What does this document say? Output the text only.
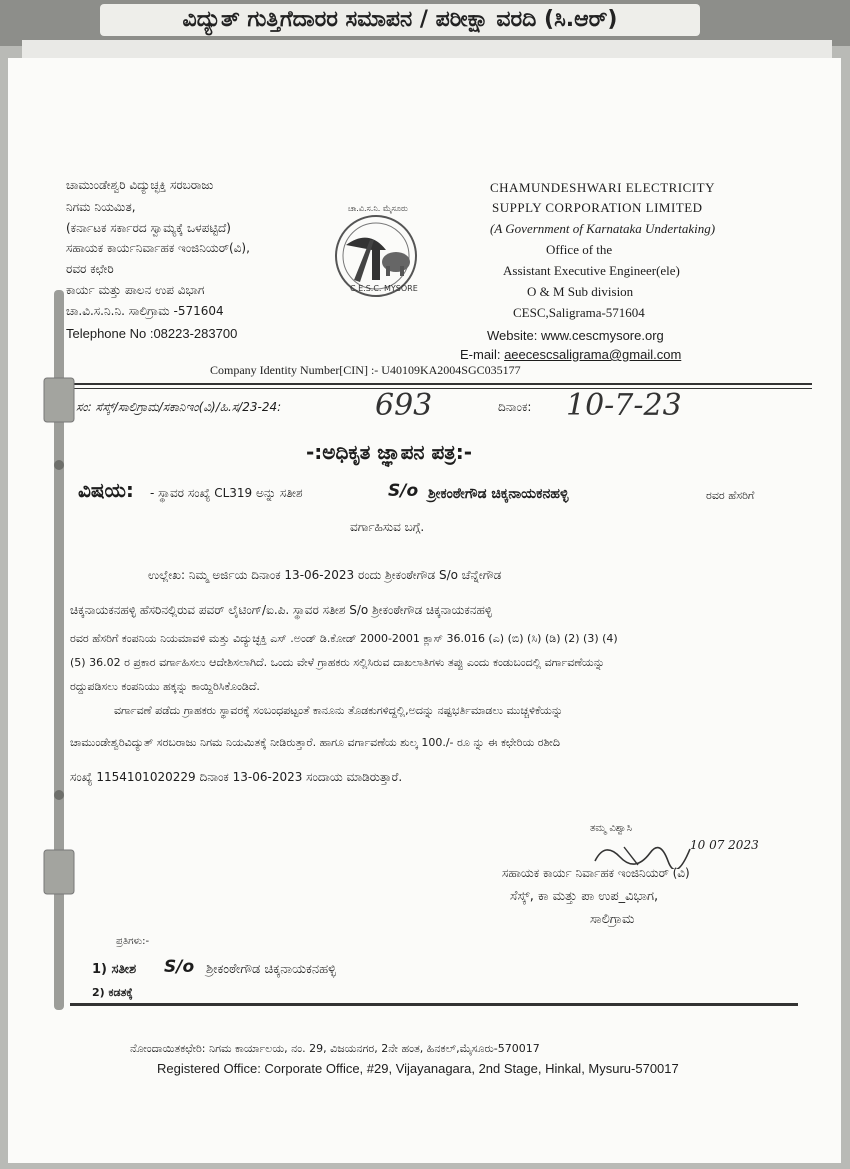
ವಿದ್ಯುತ್ ಗುತ್ತಿಗೆದಾರರ ಸಮಾಪನ / ಪರೀಕ್ಷಾ ವರದಿ (ಸಿ.ಆರ್)
ಚಾಮುಂಡೇಶ್ವರಿ ವಿದ್ಯುಚ್ಛಕ್ತಿ ಸರಬರಾಜು
ನಿಗಮ ನಿಯಮಿತ,
(ಕರ್ನಾಟಕ ಸರ್ಕಾರದ ಸ್ವಾಮ್ಯಕ್ಕೆ ಒಳಪಟ್ಟಿದೆ)
ಸಹಾಯಕ ಕಾರ್ಯನಿರ್ವಾಹಕ ಇಂಜಿನಿಯರ್(ವಿ),
ರವರ ಕಛೇರಿ
ಕಾರ್ಯ ಮತ್ತು ಪಾಲನ ಉಪ ವಿಭಾಗ
ಚಾ.ವಿ.ಸ.ನಿ.ನಿ. ಸಾಲಿಗ್ರಾಮ -571604
Telephone No :08223-283700
ಚಾ.ವಿ.ಸ.ನಿ. ಮೈಸೂರು
C.E.S.C. MYSORE
CHAMUNDESHWARI ELECTRICITY
SUPPLY CORPORATION LIMITED
(A Government of Karnataka Undertaking)
Office of the
Assistant Executive Engineer(ele)
O & M Sub division
CESC,Saligrama-571604
Website: www.cescmysore.org
E-mail: aeecescsaligrama@gmail.com
Company Identity Number[CIN] :- U40109KA2004SGC035177
ಸಂ: ಸೆಸ್ಕ್/ಸಾಲಿಗ್ರಾಮ/ಸಕಾನಿಇಂ(ವಿ)/ಹಿ.ಸ/23-24:	693	ದಿನಾಂಕ: 10-7-23
-:ಅಧಿಕೃತ ಜ್ಞಾಪನ ಪತ್ರ:-
ವಿಷಯ: - ಸ್ಥಾವರ ಸಂಖ್ಯೆ CL319 ಅನ್ನು ಸತೀಶ	S/o ಶ್ರೀಕಂಠೇಗೌಡ ಚಿಕ್ಕನಾಯಕನಹಳ್ಳಿ	ರವರ ಹೆಸರಿಗೆ
ವರ್ಗಾಹಿಸುವ ಬಗ್ಗೆ.
ಉಲ್ಲೇಖ: ನಿಮ್ಮ ಅರ್ಜಿಯ ದಿನಾಂಕ 13-06-2023 ರಂದು ಶ್ರೀಕಂಠೇಗೌಡ S/o ಚೆನ್ನೇಗೌಡ
ಚಿಕ್ಕನಾಯಕನಹಳ್ಳಿ ಹೆಸರಿನಲ್ಲಿರುವ ಪವರ್ ಲೈಟಿಂಗ್/ಐ.ಪಿ. ಸ್ಥಾವರ ಸತೀಶ S/o ಶ್ರೀಕಂಠೇಗೌಡ ಚಿಕ್ಕನಾಯಕನಹಳ್ಳಿ
ರವರ ಹೆಸರಿಗೆ ಕಂಪನಿಯ ನಿಯಮಾವಳಿ ಮತ್ತು ವಿದ್ಯುಚ್ಛಕ್ತಿ ಎಸ್ .ಅಂಡ್ ಡಿ.ಕೋಡ್ 2000-2001 ಕ್ಲಾಸ್ 36.016 (ಎ) (ಬಿ) (ಸಿ) (ಡಿ) (2) (3) (4)
(5) 36.02 ರ ಪ್ರಕಾರ ವರ್ಗಾಹಿಸಲು ಆದೇಶಿಸಲಾಗಿದೆ. ಒಂದು ವೇಳೆ ಗ್ರಾಹಕರು ಸಲ್ಲಿಸಿರುವ ದಾಖಲಾತಿಗಳು ತಪ್ಪು ಎಂದು ಕಂಡುಬಂದಲ್ಲಿ ವರ್ಗಾವಣೆಯನ್ನು
ರದ್ದುಪಡಿಸಲು ಕಂಪನಿಯು ಹಕ್ಕನ್ನು ಕಾಯ್ದಿರಿಸಿಕೊಂಡಿದೆ.
ವರ್ಗಾವಣೆ ಪಡೆದು ಗ್ರಾಹಕರು ಸ್ಥಾವರಕ್ಕೆ ಸಂಬಂಧಪಟ್ಟಂತೆ ಕಾನೂನು ತೊಡಕುಗಳಿದ್ದಲ್ಲಿ,ಅದನ್ನು ನಷ್ಟಭರ್ತಿಮಾಡಲು ಮುಚ್ಚಳಿಕೆಯನ್ನು
ಚಾಮುಂಡೇಶ್ವರಿವಿದ್ಯುತ್ ಸರಬರಾಜು ನಿಗಮ ನಿಯಮಿತಕ್ಕೆ ನೀಡಿರುತ್ತಾರೆ. ಹಾಗೂ ವರ್ಗಾವಣೆಯ ಶುಲ್ಕ 100./- ರೂ ನ್ನು ಈ ಕಛೇರಿಯ ರಶೀದಿ
ಸಂಖ್ಯೆ 1154101020229 ದಿನಾಂಕ 13-06-2023 ಸಂದಾಯ ಮಾಡಿರುತ್ತಾರೆ.
ತಮ್ಮ ವಿಶ್ವಾಸಿ
10 07 2023
ಸಹಾಯಕ ಕಾರ್ಯ ನಿರ್ವಾಹಕ ಇಂಜಿನಿಯರ್ (ವಿ)
ಸೆಸ್ಕ್, ಕಾ ಮತ್ತು ಪಾ ಉಪ_ವಿಭಾಗ,
ಸಾಲಿಗ್ರಾಮ
ಪ್ರತಿಗಳು:-
1) ಸತೀಶ S/o ಶ್ರೀಕಂಠೇಗೌಡ ಚಿಕ್ಕನಾಯಕನಹಳ್ಳಿ
2) ಕಡತಕ್ಕೆ
ನೋಂದಾಯಿತಕಛೇರಿ: ನಿಗಮ ಕಾರ್ಯಾಲಯ, ನಂ. 29, ವಿಜಯನಗರ, 2ನೇ ಹಂತ, ಹಿನಕಲ್,ಮೈಸೂರು-570017
Registered Office: Corporate Office, #29, Vijayanagara, 2nd Stage, Hinkal, Mysuru-570017
